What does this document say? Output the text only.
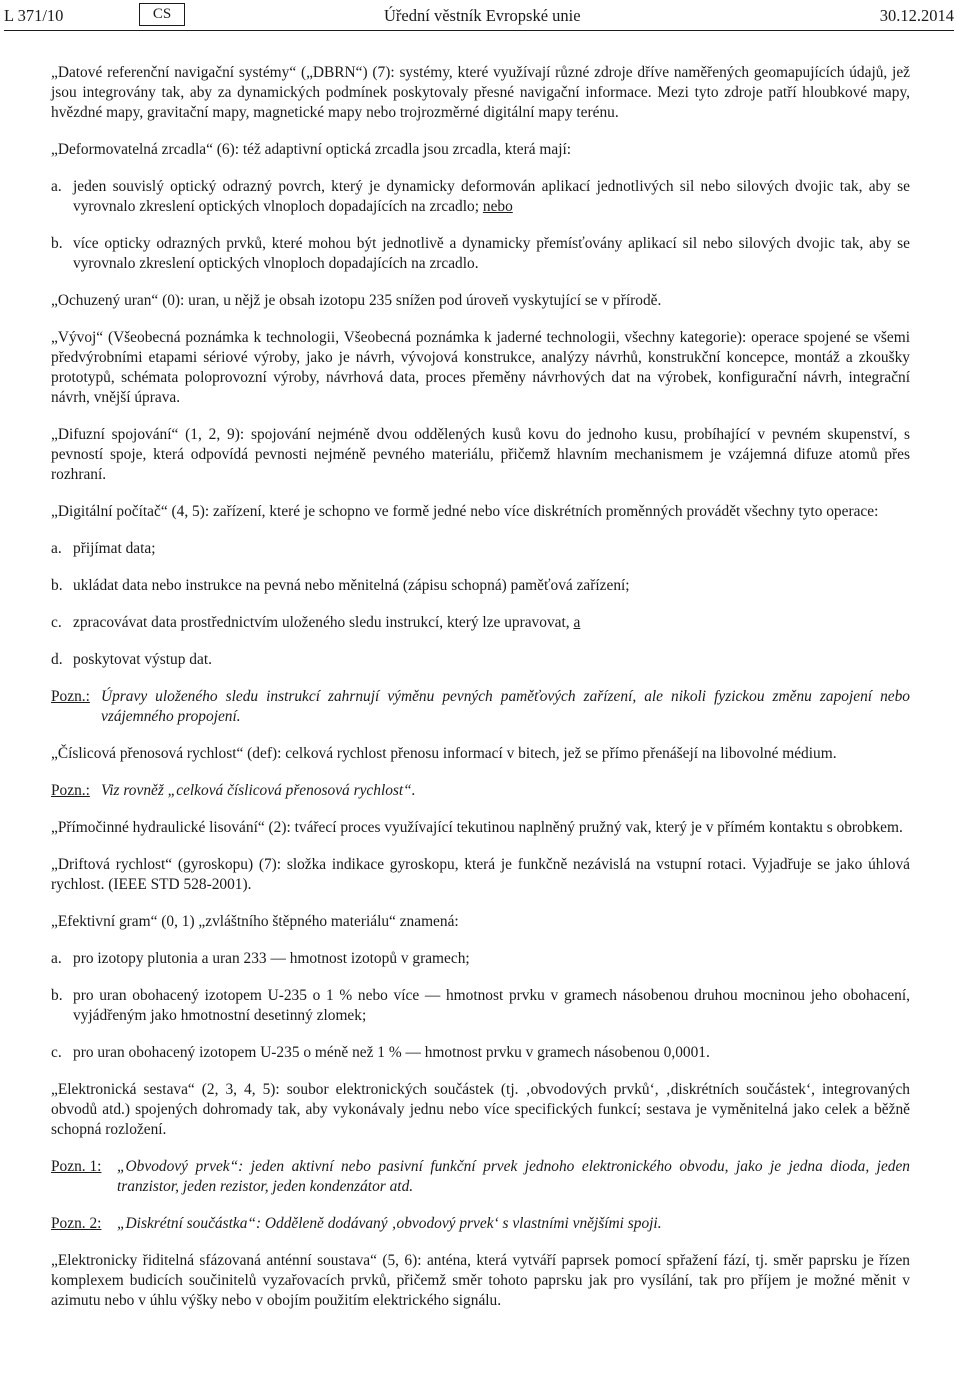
L 371/10	CS	Úřední věstník Evropské unie	30.12.2014

„Datové referenční navigační systémy“ („DBRN“) (7): systémy, které využívají různé zdroje dříve naměřených geomapujících údajů, jež jsou integrovány tak, aby za dynamických podmínek poskytovaly přesné navigační informace. Mezi tyto zdroje patří hloubkové mapy, hvězdné mapy, gravitační mapy, magnetické mapy nebo trojrozměrné digitální mapy terénu.

„Deformovatelná zrcadla“ (6): též adaptivní optická zrcadla jsou zrcadla, která mají:

a. jeden souvislý optický odrazný povrch, který je dynamicky deformován aplikací jednotlivých sil nebo silových dvojic tak, aby se vyrovnalo zkreslení optických vlnoploch dopadajících na zrcadlo; nebo
b. více opticky odrazných prvků, které mohou být jednotlivě a dynamicky přemísťovány aplikací sil nebo silových dvojic tak, aby se vyrovnalo zkreslení optických vlnoploch dopadajících na zrcadlo.

„Ochuzený uran“ (0): uran, u nějž je obsah izotopu 235 snížen pod úroveň vyskytující se v přírodě.

„Vývoj“ (Všeobecná poznámka k technologii, Všeobecná poznámka k jaderné technologii, všechny kategorie): operace spojené se všemi předvýrobními etapami sériové výroby, jako je návrh, vývojová konstrukce, analýzy návrhů, konstrukční koncepce, montáž a zkoušky prototypů, schémata poloprovozní výroby, návrhová data, proces přeměny návrhových dat na výrobek, konfigurační návrh, integrační návrh, vnější úprava.

„Difuzní spojování“ (1, 2, 9): spojování nejméně dvou oddělených kusů kovu do jednoho kusu, probíhající v pevném skupenství, s pevností spoje, která odpovídá pevnosti nejméně pevného materiálu, přičemž hlavním mechanismem je vzájemná difuze atomů přes rozhraní.

„Digitální počítač“ (4, 5): zařízení, které je schopno ve formě jedné nebo více diskrétních proměnných provádět všechny tyto operace:

a. přijímat data;
b. ukládat data nebo instrukce na pevná nebo měnitelná (zápisu schopná) paměťová zařízení;
c. zpracovávat data prostřednictvím uloženého sledu instrukcí, který lze upravovat, a
d. poskytovat výstup dat.
Pozn.: Úpravy uloženého sledu instrukcí zahrnují výměnu pevných paměťových zařízení, ale nikoli fyzickou změnu zapojení nebo vzájemného propojení.

„Číslicová přenosová rychlost“ (def): celková rychlost přenosu informací v bitech, jež se přímo přenášejí na libovolné médium.

Pozn.: Viz rovněž „celková číslicová přenosová rychlost“.

„Přímočinné hydraulické lisování“ (2): tvářecí proces využívající tekutinou naplněný pružný vak, který je v přímém kontaktu s obrobkem.

„Driftová rychlost“ (gyroskopu) (7): složka indikace gyroskopu, která je funkčně nezávislá na vstupní rotaci. Vyjadřuje se jako úhlová rychlost. (IEEE STD 528-2001).

„Efektivní gram“ (0, 1) „zvláštního štěpného materiálu“ znamená:

a. pro izotopy plutonia a uran 233 — hmotnost izotopů v gramech;
b. pro uran obohacený izotopem U-235 o 1 % nebo více — hmotnost prvku v gramech násobenou druhou mocninou jeho obohacení, vyjádřeným jako hmotnostní desetinný zlomek;
c. pro uran obohacený izotopem U-235 o méně než 1 % — hmotnost prvku v gramech násobenou 0,0001.

„Elektronická sestava“ (2, 3, 4, 5): soubor elektronických součástek (tj. ‚obvodových prvků‘, ‚diskrétních součástek‘, integrovaných obvodů atd.) spojených dohromady tak, aby vykonávaly jednu nebo více specifických funkcí; sestava je vyměnitelná jako celek a běžně schopná rozložení.

Pozn. 1: „Obvodový prvek“: jeden aktivní nebo pasivní funkční prvek jednoho elektronického obvodu, jako je jedna dioda, jeden tranzistor, jeden rezistor, jeden kondenzátor atd.
Pozn. 2: „Diskrétní součástka“: Odděleně dodávaný ‚obvodový prvek‘ s vlastními vnějšími spoji.

„Elektronicky řiditelná sfázovaná anténní soustava“ (5, 6): anténa, která vytváří paprsek pomocí spřažení fází, tj. směr paprsku je řízen komplexem budicích součinitelů vyzařovacích prvků, přičemž směr tohoto paprsku jak pro vysílání, tak pro příjem je možné měnit v azimutu nebo v úhlu výšky nebo v obojím použitím elektrického signálu.
